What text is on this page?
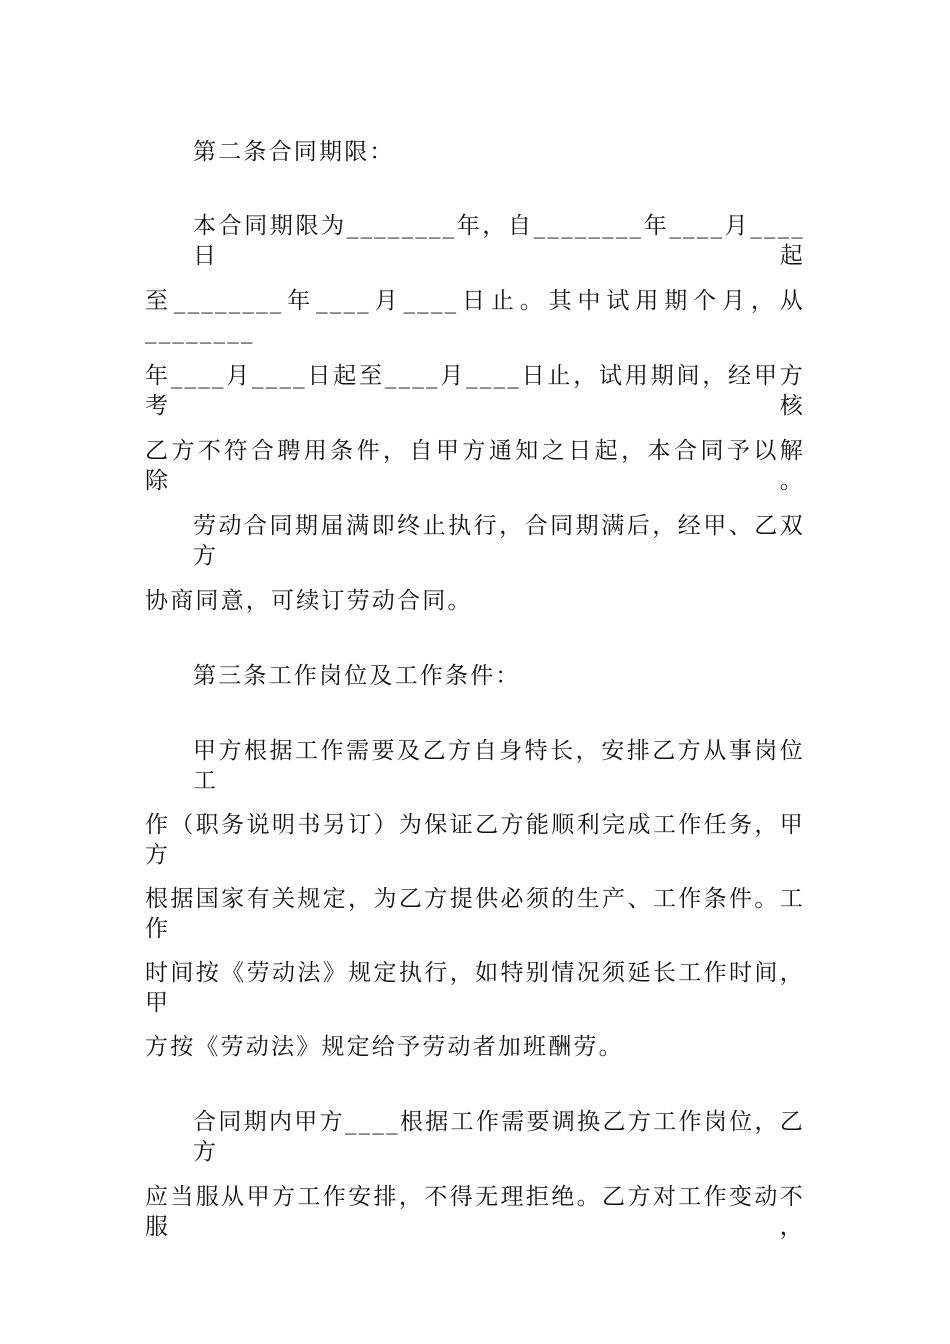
第二条合同期限：
本合同期限为________年，自________年____月____日起
至________年____月____日止。其中试用期个月，从________
年____月____日起至____月____日止，试用期间，经甲方考核
乙方不符合聘用条件，自甲方通知之日起，本合同予以解除。
劳动合同期届满即终止执行，合同期满后，经甲、乙双方
协商同意，可续订劳动合同。
第三条工作岗位及工作条件：
甲方根据工作需要及乙方自身特长，安排乙方从事岗位工
作（职务说明书另订）为保证乙方能顺利完成工作任务，甲方
根据国家有关规定，为乙方提供必须的生产、工作条件。工作
时间按《劳动法》规定执行，如特别情况须延长工作时间，甲
方按《劳动法》规定给予劳动者加班酬劳。
合同期内甲方____根据工作需要调换乙方工作岗位，乙方
应当服从甲方工作安排，不得无理拒绝。乙方对工作变动不服，
